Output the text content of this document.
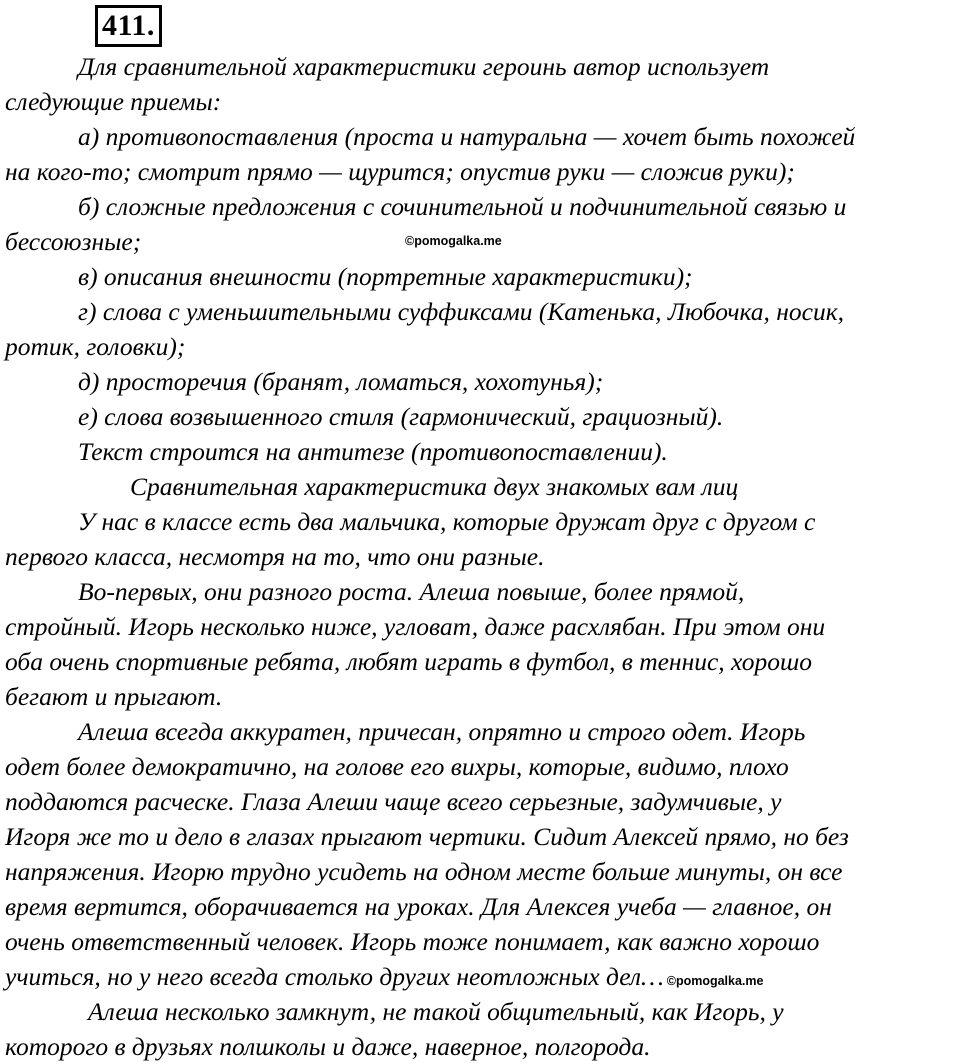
411.
Для сравнительной характеристики героинь автор использует
следующие приемы:
а) противопоставления (проста и натуральна — хочет быть похожей
на кого-то; смотрит прямо — щурится; опустив руки — сложив руки);
б) сложные предложения с сочинительной и подчинительной связью и
бессоюзные;	©pomogalka.me
в) описания внешности (портретные характеристики);
г) слова с уменьшительными суффиксами (Катенька, Любочка, носик,
ротик, головки);
д) просторечия (бранят, ломаться, хохотунья);
е) слова возвышенного стиля (гармонический, грациозный).
Текст строится на антитезе (противопоставлении).
Сравнительная характеристика двух знакомых вам лиц
У нас в классе есть два мальчика, которые дружат друг с другом с
первого класса, несмотря на то, что они разные.
Во-первых, они разного роста. Алеша повыше, более прямой,
стройный. Игорь несколько ниже, угловат, даже расхлябан. При этом они
оба очень спортивные ребята, любят играть в футбол, в теннис, хорошо
бегают и прыгают.
Алеша всегда аккуратен, причесан, опрятно и строго одет. Игорь
одет более демократично, на голове его вихры, которые, видимо, плохо
поддаются расческе. Глаза Алеши чаще всего серьезные, задумчивые, у
Игоря же то и дело в глазах прыгают чертики. Сидит Алексей прямо, но без
напряжения. Игорю трудно усидеть на одном месте больше минуты, он все
время вертится, оборачивается на уроках. Для Алексея учеба — главное, он
очень ответственный человек. Игорь тоже понимает, как важно хорошо
учиться, но у него всегда столько других неотложных дел… ©pomogalka.me
Алеша несколько замкнут, не такой общительный, как Игорь, у
которого в друзьях полшколы и даже, наверное, полгорода.
